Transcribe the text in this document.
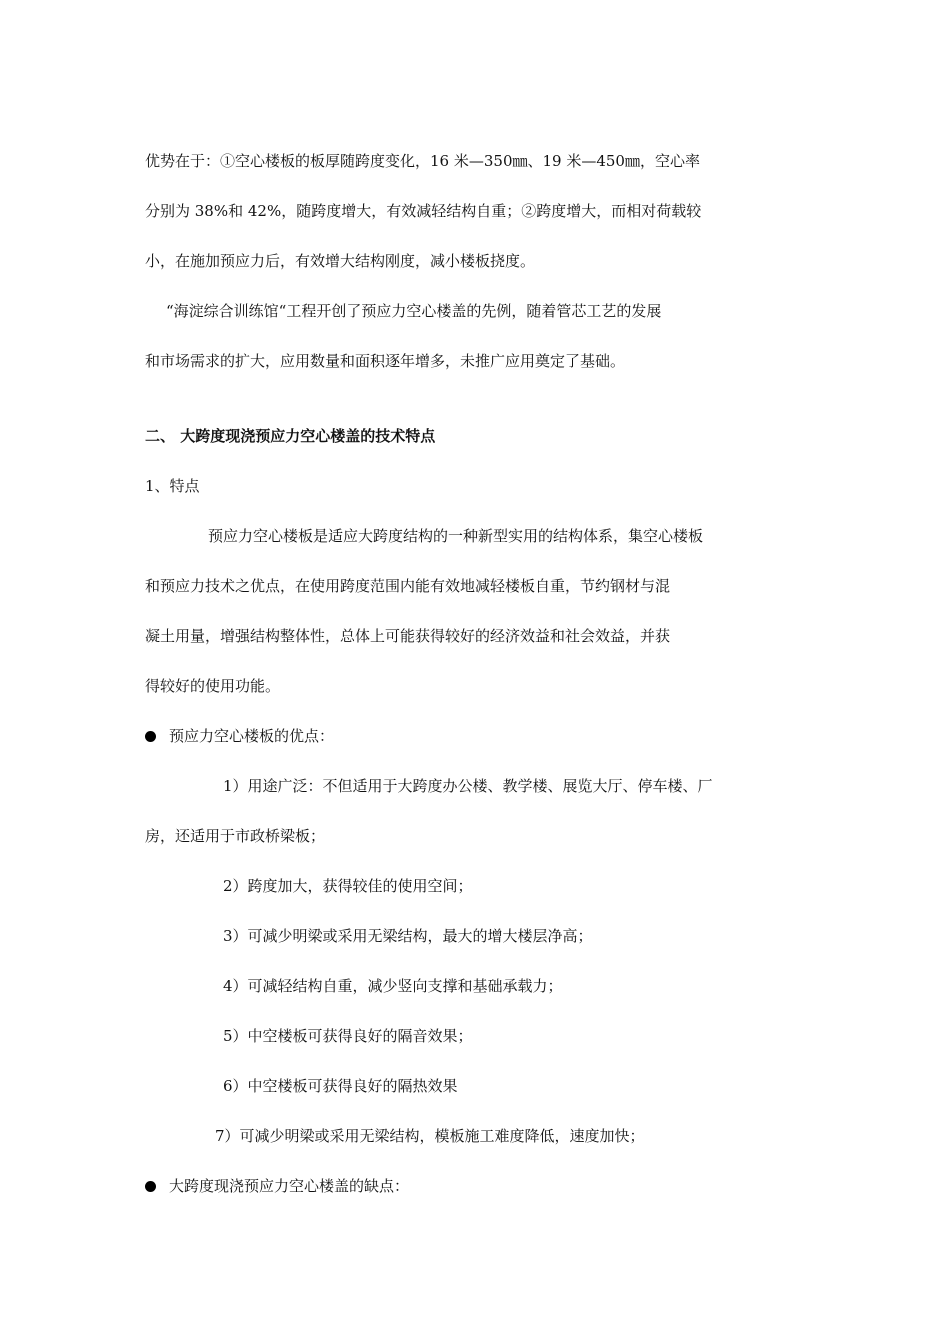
优势在于：①空心楼板的板厚随跨度变化，16 米—350㎜、19 米—450㎜，空心率
分别为 38%和 42%，随跨度增大，有效减轻结构自重；②跨度增大，而相对荷载较
小，在施加预应力后，有效增大结构刚度，减小楼板挠度。
“海淀综合训练馆“工程开创了预应力空心楼盖的先例，随着管芯工艺的发展
和市场需求的扩大，应用数量和面积逐年增多，未推广应用奠定了基础。
二、 大跨度现浇预应力空心楼盖的技术特点
1、特点
预应力空心楼板是适应大跨度结构的一种新型实用的结构体系，集空心楼板
和预应力技术之优点，在使用跨度范围内能有效地减轻楼板自重，节约钢材与混
凝土用量，增强结构整体性，总体上可能获得较好的经济效益和社会效益，并获
得较好的使用功能。
预应力空心楼板的优点：
1）用途广泛：不但适用于大跨度办公楼、教学楼、展览大厅、停车楼、厂
房，还适用于市政桥梁板；
2）跨度加大，获得较佳的使用空间；
3）可减少明梁或采用无梁结构，最大的增大楼层净高；
4）可减轻结构自重，减少竖向支撑和基础承载力；
5）中空楼板可获得良好的隔音效果；
6）中空楼板可获得良好的隔热效果
7）可减少明梁或采用无梁结构，模板施工难度降低，速度加快；
大跨度现浇预应力空心楼盖的缺点：
